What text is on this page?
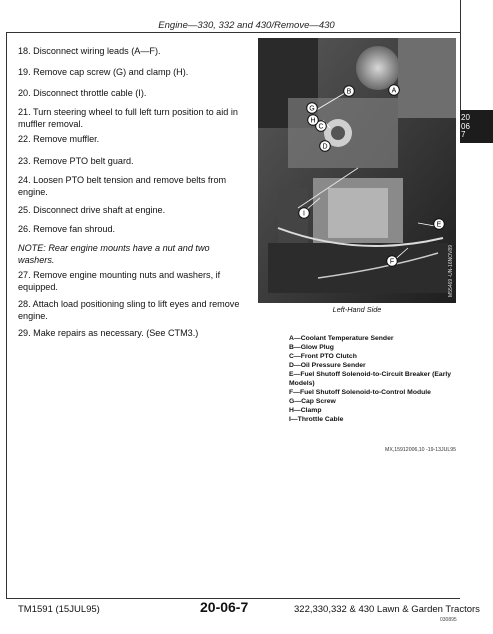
Engine—330, 332 and 430/Remove—430
20
06
7
18. Disconnect wiring leads (A—F).
19. Remove cap screw (G) and clamp (H).
20. Disconnect throttle cable (I).
21. Turn steering wheel to full left turn position to aid in muffler removal.
22. Remove muffler.
23. Remove PTO belt guard.
24. Loosen PTO belt tension and remove belts from engine.
25. Disconnect drive shaft at engine.
26. Remove fan shroud.
NOTE: Rear engine mounts have a nut and two washers.
27. Remove engine mounting nuts and washers, if equipped.
28. Attach load positioning sling to lift eyes and remove engine.
29. Make repairs as necessary. (See CTM3.)
A
B
C
D
E
F
G
H
I
M55469 -UN-16NOV89
Left-Hand Side
A—Coolant Temperature Sender
B—Glow Plug
C—Front PTO Clutch
D—Oil Pressure Sender
E—Fuel Shutoff Solenoid-to-Circuit Breaker (Early Models)
F—Fuel Shutoff Solenoid-to-Control Module
G—Cap Screw
H—Clamp
I—Throttle Cable
MX,15912006,10 -19-13JUL95
TM1591 (15JUL95)	20-06-7	322,330,332 & 430 Lawn & Garden Tractors
030895
